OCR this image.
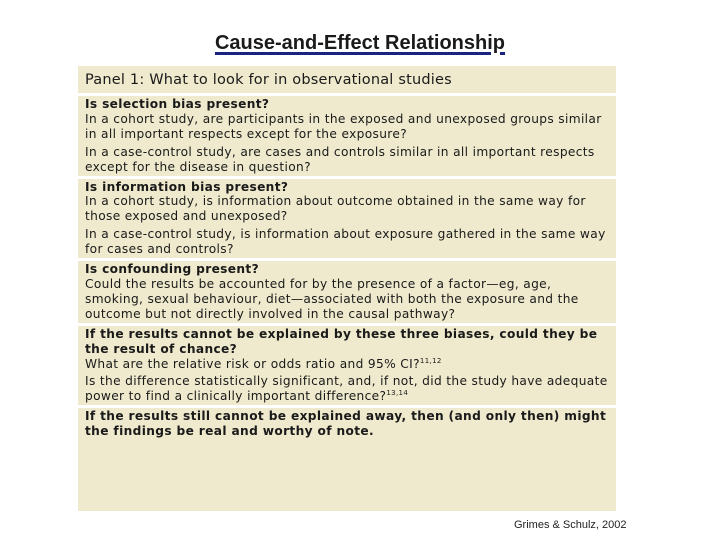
Cause-and-Effect Relationship
Panel 1: What to look for in observational studies
Is selection bias present?
In a cohort study, are participants in the exposed and unexposed groups similar in all important respects except for the exposure?
In a case-control study, are cases and controls similar in all important respects except for the disease in question?
Is information bias present?
In a cohort study, is information about outcome obtained in the same way for those exposed and unexposed?
In a case-control study, is information about exposure gathered in the same way for cases and controls?
Is confounding present?
Could the results be accounted for by the presence of a factor—eg, age, smoking, sexual behaviour, diet—associated with both the exposure and the outcome but not directly involved in the causal pathway?
If the results cannot be explained by these three biases, could they be the result of chance?
What are the relative risk or odds ratio and 95% CI?$^{11,12}$
Is the difference statistically significant, and, if not, did the study have adequate power to find a clinically important difference?$^{13,14}$
If the results still cannot be explained away, then (and only then) might the findings be real and worthy of note.
Grimes & Schulz, 2002
